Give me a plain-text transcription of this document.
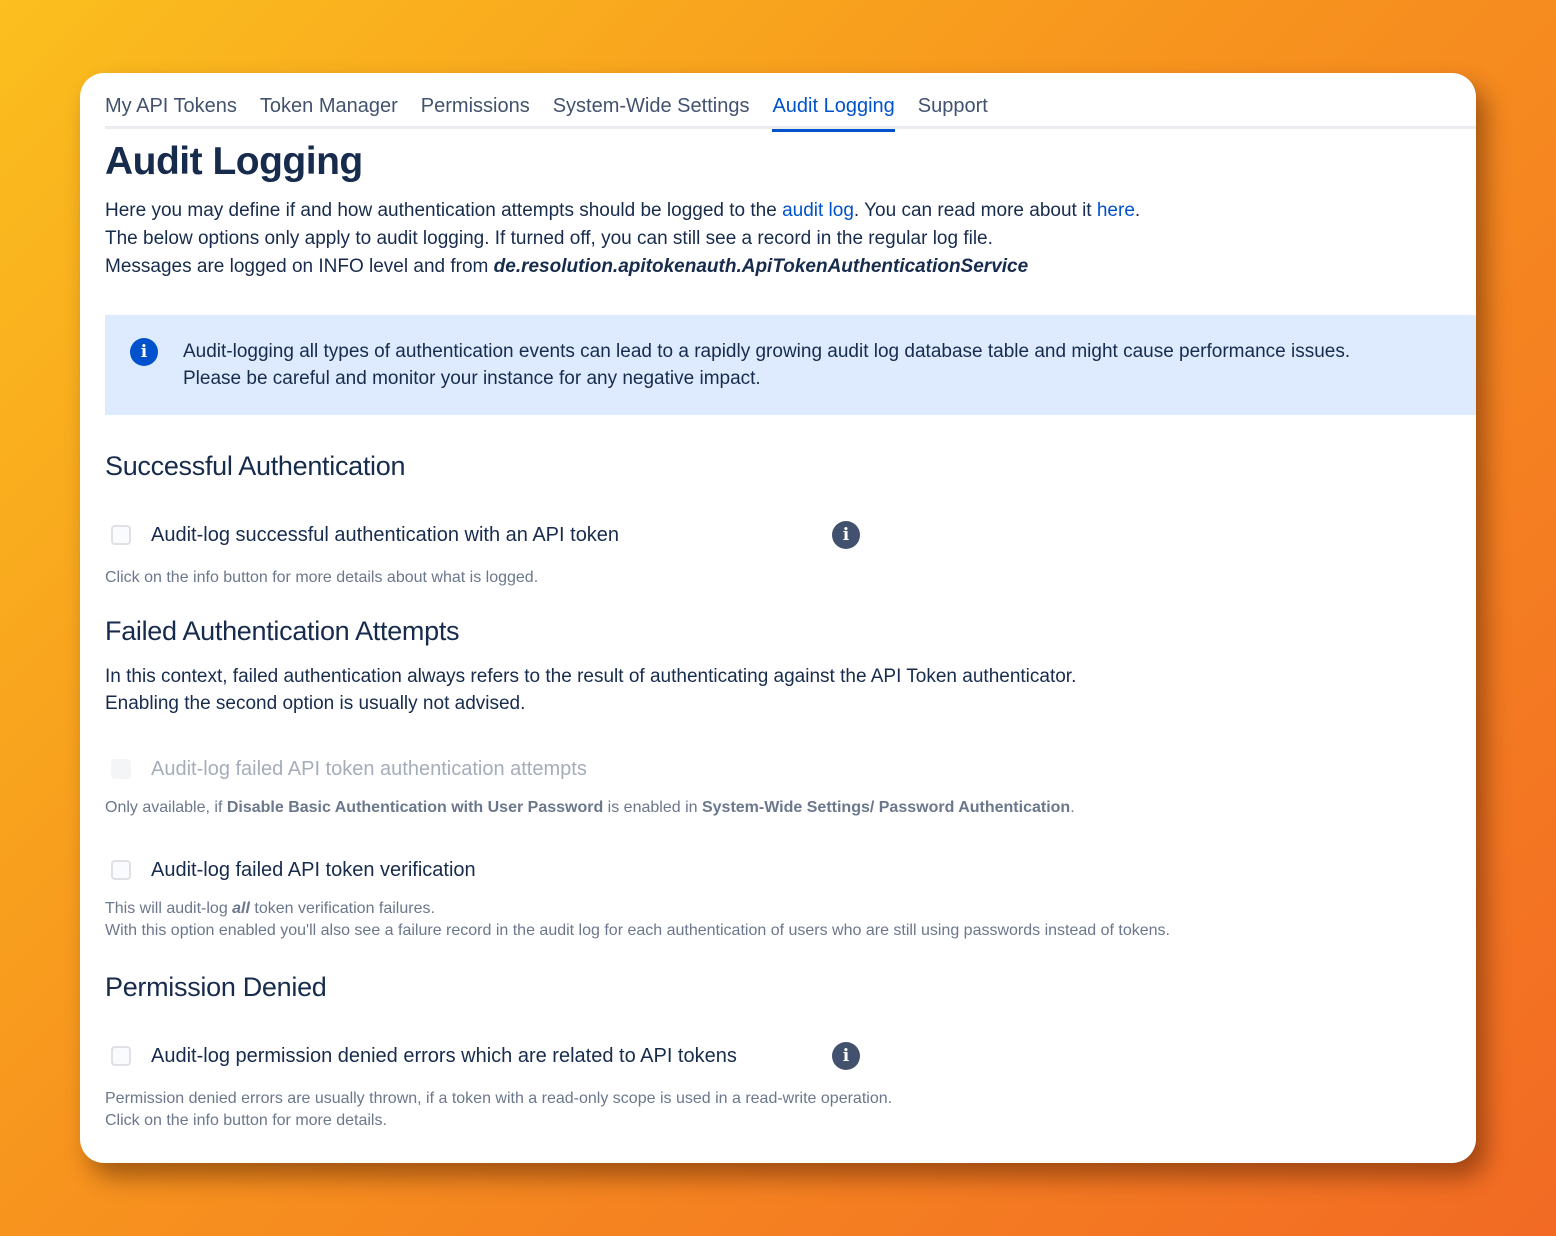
My API Tokens Token Manager Permissions System-Wide Settings Audit Logging Support
Audit Logging
Here you may define if and how authentication attempts should be logged to the audit log. You can read more about it here.
The below options only apply to audit logging. If turned off, you can still see a record in the regular log file.
Messages are logged on INFO level and from de.resolution.apitokenauth.ApiTokenAuthenticationService
i	Audit-logging all types of authentication events can lead to a rapidly growing audit log database table and might cause performance issues.
Please be careful and monitor your instance for any negative impact.
Successful Authentication
Audit-log successful authentication with an API token	i
Click on the info button for more details about what is logged.
Failed Authentication Attempts
In this context, failed authentication always refers to the result of authenticating against the API Token authenticator.
Enabling the second option is usually not advised.
Audit-log failed API token authentication attempts
Only available, if Disable Basic Authentication with User Password is enabled in System-Wide Settings/ Password Authentication.
Audit-log failed API token verification
This will audit-log all token verification failures.
With this option enabled you'll also see a failure record in the audit log for each authentication of users who are still using passwords instead of tokens.
Permission Denied
Audit-log permission denied errors which are related to API tokens	i
Permission denied errors are usually thrown, if a token with a read-only scope is used in a read-write operation.
Click on the info button for more details.
